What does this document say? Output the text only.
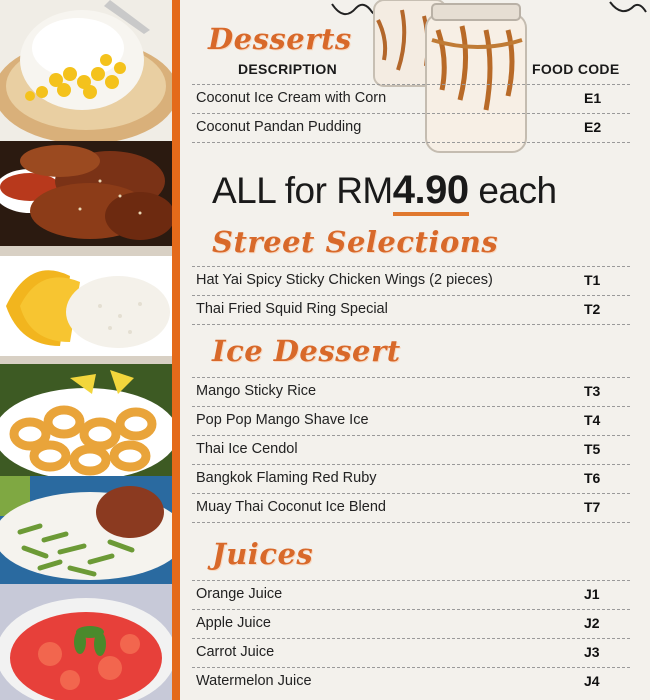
Desserts
DESCRIPTION	FOOD CODE
Coconut Ice Cream with Corn	E1
Coconut Pandan Pudding	E2
ALL for RM4.90 each
Street Selections
Hat Yai Spicy Sticky Chicken Wings (2 pieces)	T1
Thai Fried Squid Ring Special	T2
Ice Dessert
Mango Sticky Rice	T3
Pop Pop Mango Shave Ice	T4
Thai Ice Cendol	T5
Bangkok Flaming Red Ruby	T6
Muay Thai Coconut Ice Blend	T7
Juices
Orange Juice	J1
Apple Juice	J2
Carrot Juice	J3
Watermelon Juice	J4
